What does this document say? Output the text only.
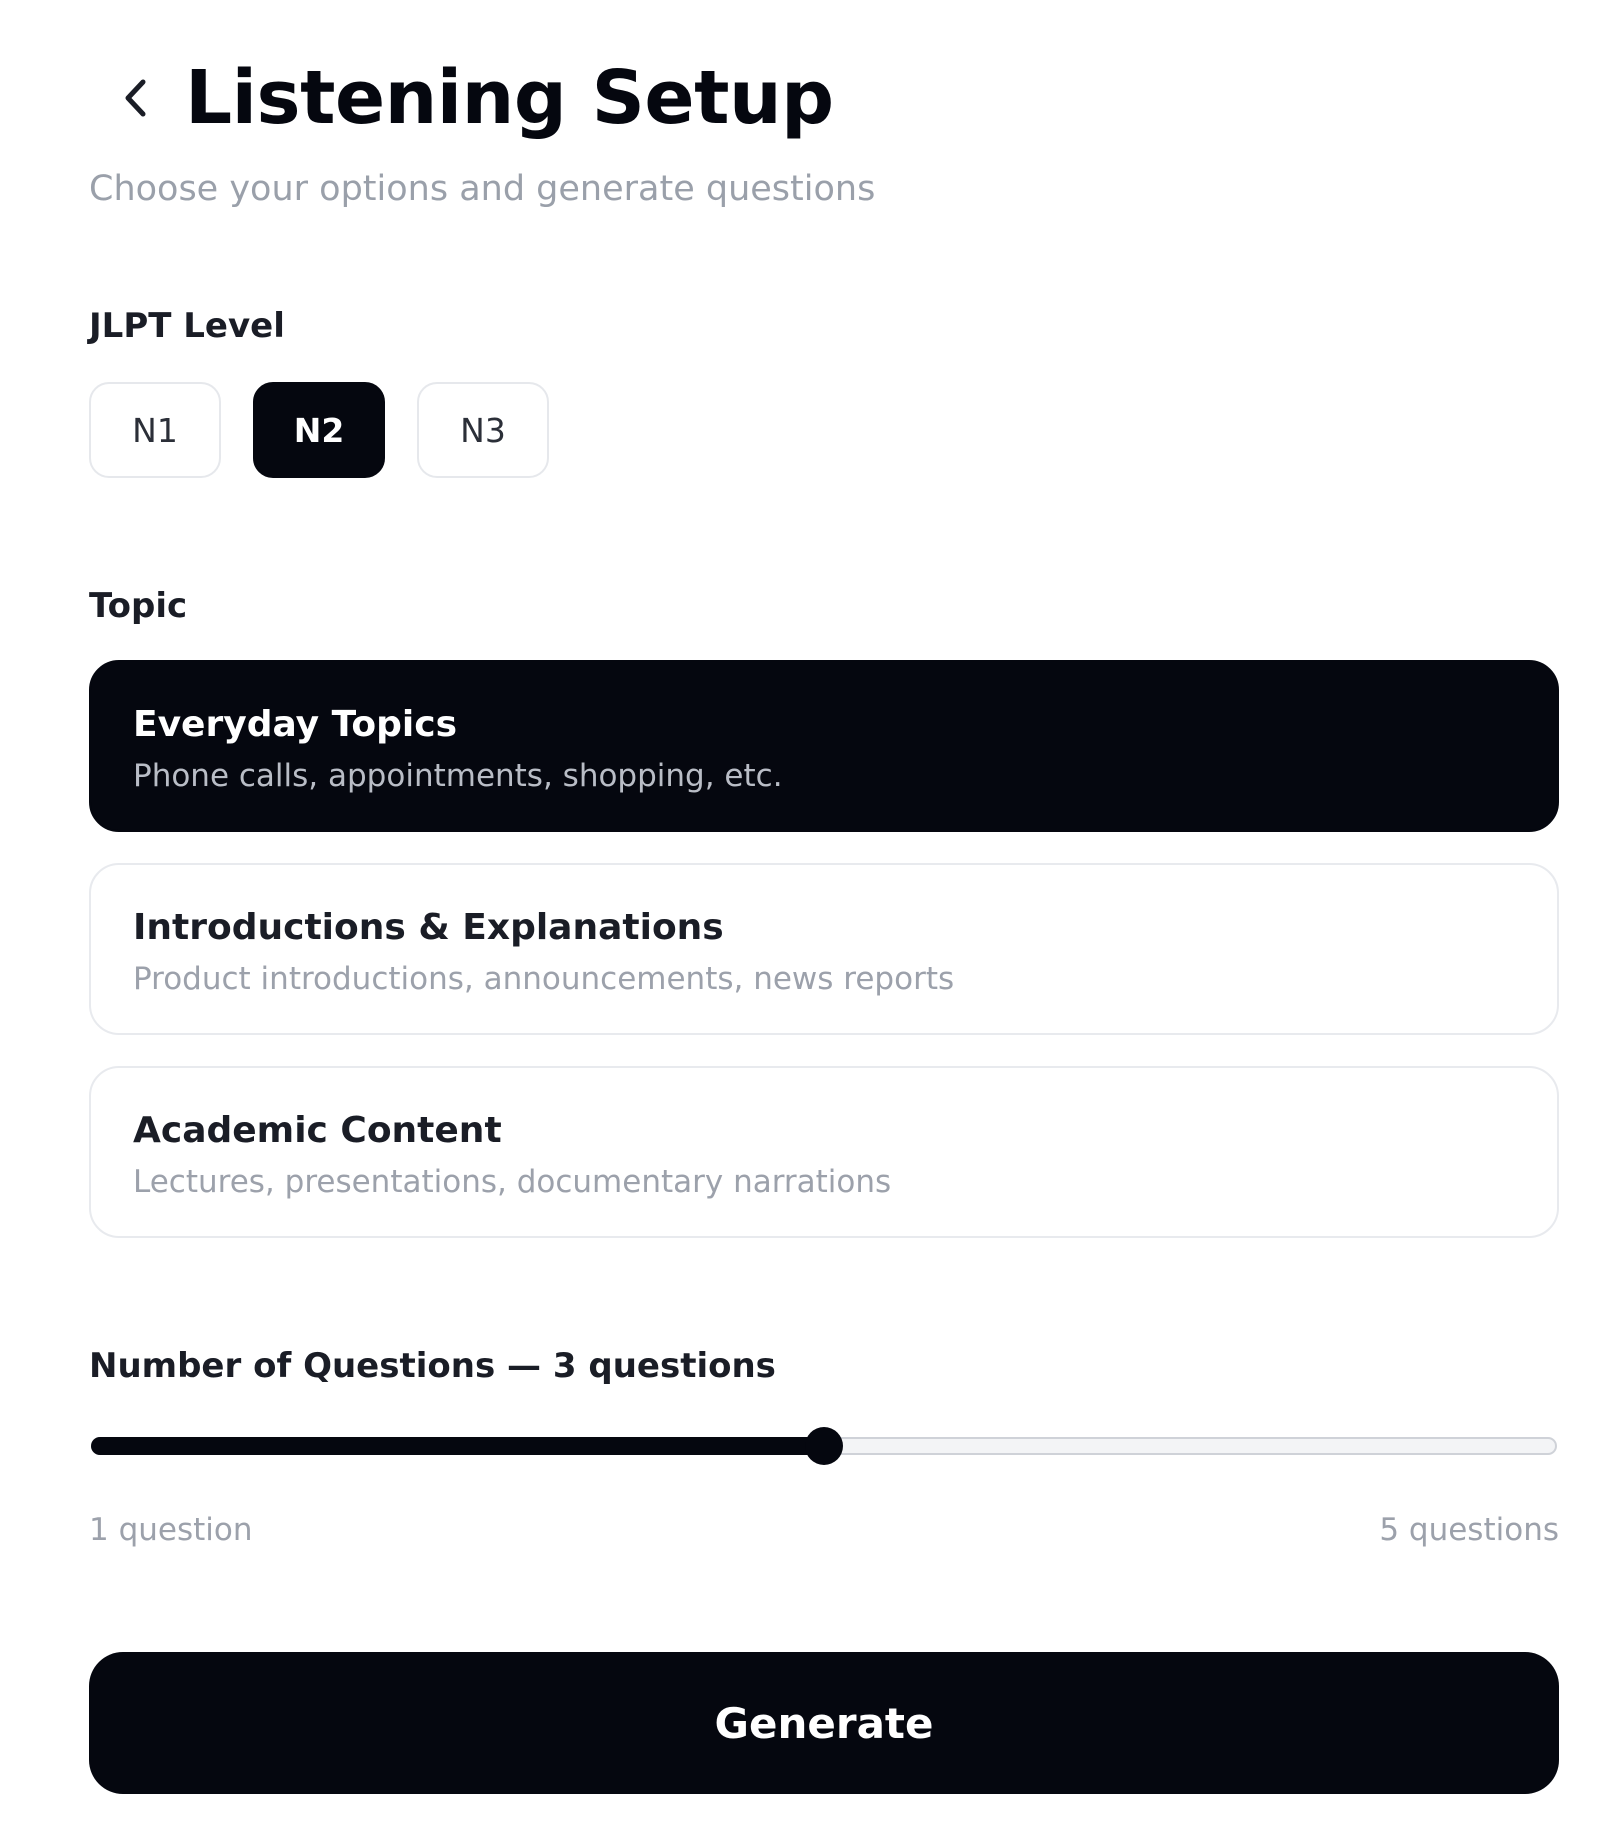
Listening Setup
Choose your options and generate questions
JLPT Level
N1	N2	N3
Topic
Everyday Topics
Phone calls, appointments, shopping, etc.
Introductions & Explanations
Product introductions, announcements, news reports
Academic Content
Lectures, presentations, documentary narrations
Number of Questions — 3 questions
1 question	5 questions
Generate
